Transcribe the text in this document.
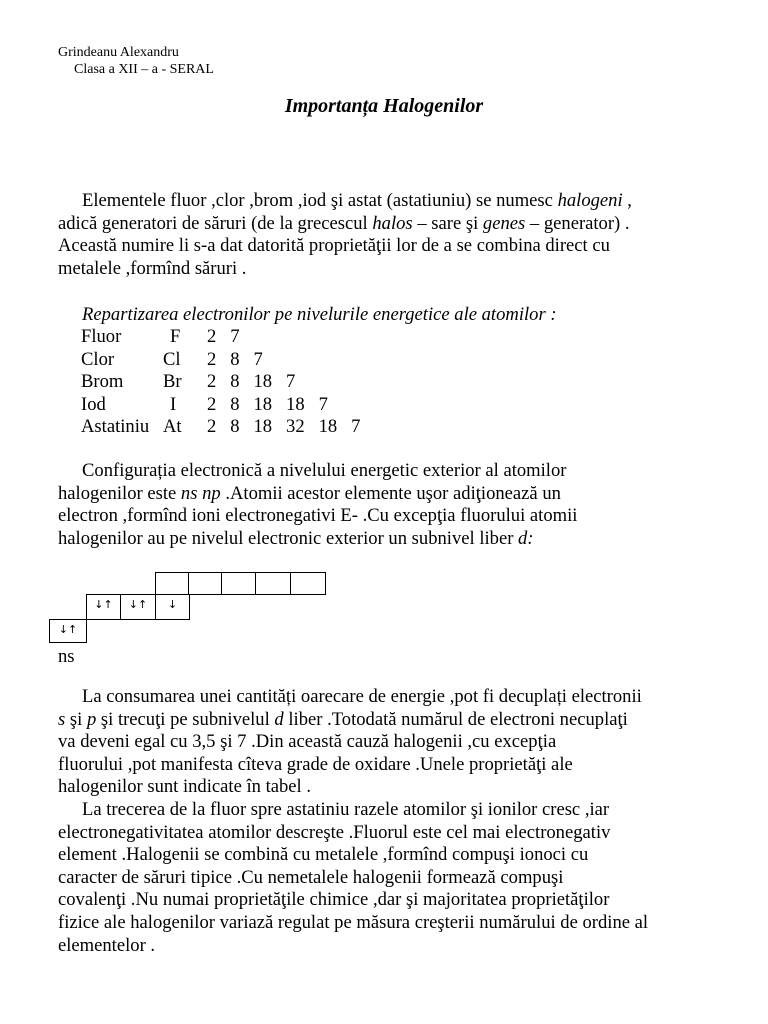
Grindeanu Alexandru
Clasa a XII – a - SERAL
Importanța Halogenilor
Elementele fluor ,clor ,brom ,iod şi astat (astatiuniu) se numesc halogeni ,
adică generatori de săruri (de la grecescul halos – sare şi genes – generator) .
Această numire li s-a dat datorită proprietăţii lor de a se combina direct cu
metalele ,formînd săruri .
Repartizarea electronilor pe nivelurile energetice ale atomilor :
Fluor	F	2   7
Clor	Cl	2   8   7
Brom	Br	2   8   18   7
Iod	I	2   8   18   18   7
Astatiniu	At	2   8   18   32   18   7
Configurația electronică a nivelului energetic exterior al atomilor
halogenilor este ns np .Atomii acestor elemente uşor adiţionează un
electron ,formînd ioni electronegativi E- .Cu excepţia fluorului atomii
halogenilor au pe nivelul electronic exterior un subnivel liber d:
↓↑
↓↑	↓↑	↓
ns
La consumarea unei cantități oarecare de energie ,pot fi decuplați electronii
s şi p şi trecuţi pe subnivelul d liber .Totodată numărul de electroni necuplaţi
va deveni egal cu 3,5 şi 7 .Din această cauză halogenii ,cu excepţia
fluorului ,pot manifesta cîteva grade de oxidare .Unele proprietăţi ale
halogenilor sunt indicate în tabel .
La trecerea de la fluor spre astatiniu razele atomilor şi ionilor cresc ,iar
electronegativitatea atomilor descreşte .Fluorul este cel mai electronegativ
element .Halogenii se combină cu metalele ,formînd compuşi ionoci cu
caracter de săruri tipice .Cu nemetalele halogenii formează compuşi
covalenţi .Nu numai proprietăţile chimice ,dar şi majoritatea proprietăţilor
fizice ale halogenilor variază regulat pe măsura creşterii numărului de ordine al
elementelor .
